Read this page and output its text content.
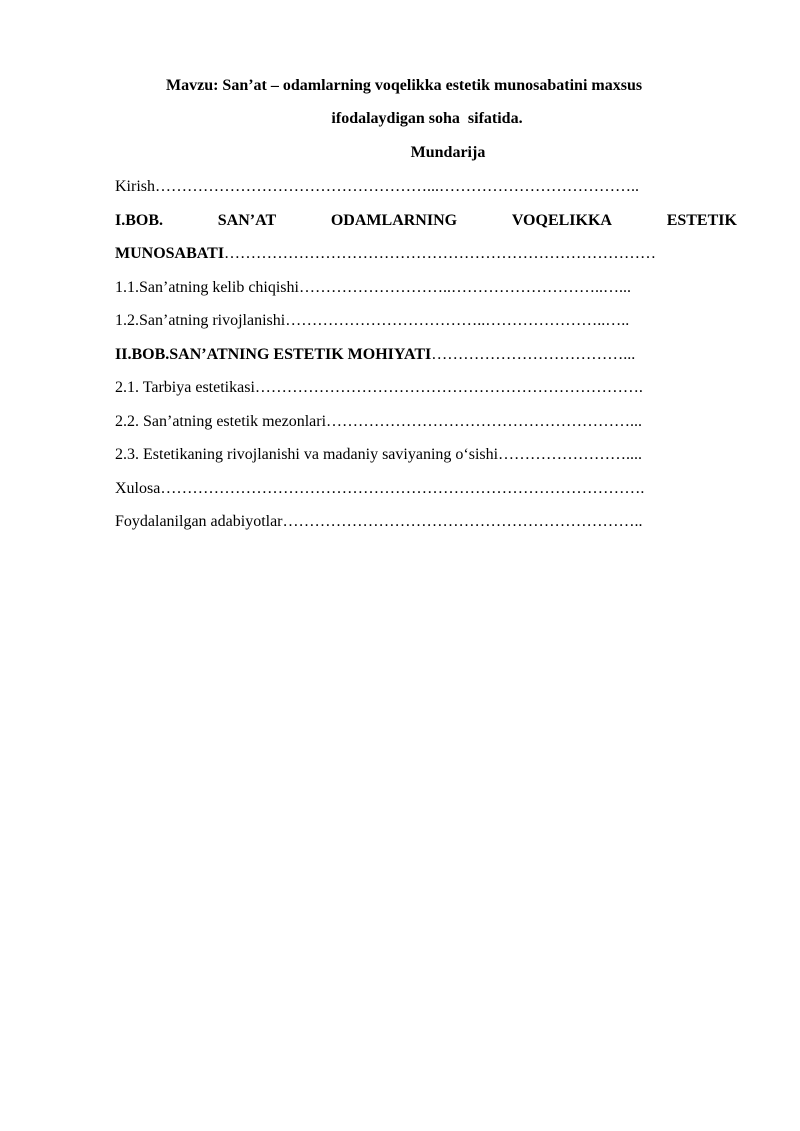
Mavzu: San’at – odamlarning voqelikka estetik munosabatini maxsus
ifodalaydigan soha  sifatida.
Mundarija
Kirish……………………………………………...………………………………..
I.BOB.	SAN’AT	ODAMLARNING	VOQELIKKA	ESTETIK
MUNOSABATI………………………………………………………………………
1.1.San’atning kelib chiqishi………………………..………………………..…...
1.2.San’atning rivojlanishi………………………………..…………………..…..
II.BOB.SAN’ATNING ESTETIK MOHIYATI………………………………...
2.1. Tarbiya estetikasi……………………………………………………………….
2.2. San’atning estetik mezonlari…………………………………………………...
2.3. Estetikaning rivojlanishi va madaniy saviyaning o‘sishi……………………....
Xulosa……………………………………………………………………………….
Foydalanilgan adabiyotlar…………………………………………………………..
